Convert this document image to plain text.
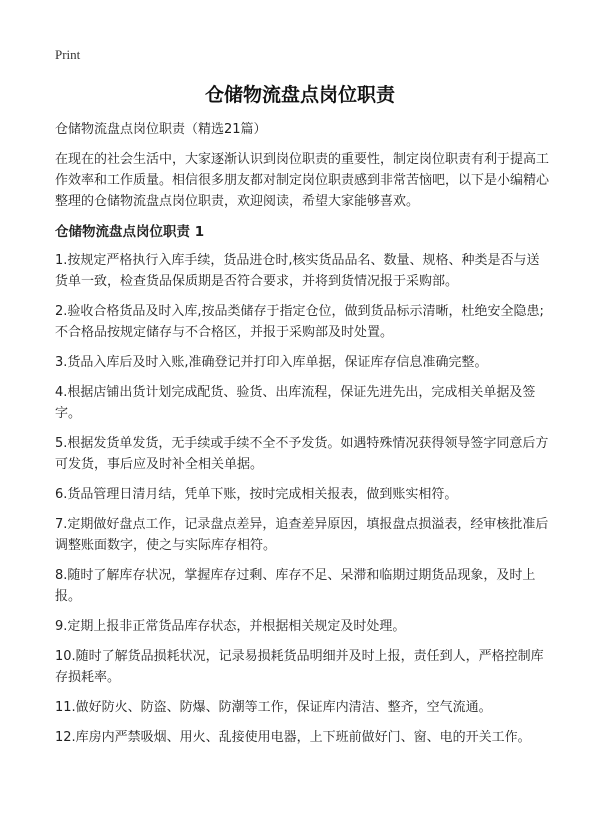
Print
仓储物流盘点岗位职责

仓储物流盘点岗位职责（精选21篇）

在现在的社会生活中，大家逐渐认识到岗位职责的重要性，制定岗位职责有利于提高工作效率和工作质量。相信很多朋友都对制定岗位职责感到非常苦恼吧，以下是小编精心整理的仓储物流盘点岗位职责，欢迎阅读，希望大家能够喜欢。

仓储物流盘点岗位职责 1

1.按规定严格执行入库手续，货品进仓时,核实货品品名、数量、规格、种类是否与送货单一致，检查货品保质期是否符合要求，并将到货情况报于采购部。
2.验收合格货品及时入库,按品类储存于指定仓位，做到货品标示清晰，杜绝安全隐患;不合格品按规定储存与不合格区，并报于采购部及时处置。
3.货品入库后及时入账,准确登记并打印入库单据，保证库存信息准确完整。
4.根据店铺出货计划完成配货、验货、出库流程，保证先进先出，完成相关单据及签字。
5.根据发货单发货，无手续或手续不全不予发货。如遇特殊情况获得领导签字同意后方可发货，事后应及时补全相关单据。
6.货品管理日清月结，凭单下账，按时完成相关报表，做到账实相符。
7.定期做好盘点工作，记录盘点差异，追查差异原因，填报盘点损溢表，经审核批准后调整账面数字，使之与实际库存相符。
8.随时了解库存状况，掌握库存过剩、库存不足、呆滞和临期过期货品现象，及时上报。
9.定期上报非正常货品库存状态，并根据相关规定及时处理。
10.随时了解货品损耗状况，记录易损耗货品明细并及时上报，责任到人，严格控制库存损耗率。
11.做好防火、防盗、防爆、防潮等工作，保证库内清洁、整齐，空气流通。
12.库房内严禁吸烟、用火、乱接使用电器，上下班前做好门、窗、电的开关工作。
